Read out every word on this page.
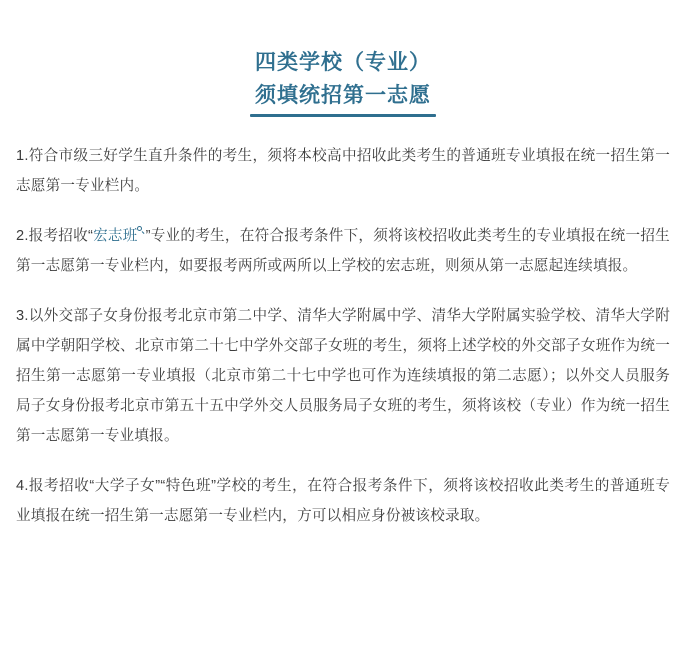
四类学校（专业）
须填统招第一志愿

1.符合市级三好学生直升条件的考生，须将本校高中招收此类考生的普通班专业填报在统一招生第一志愿第一专业栏内。

2.报考招收“宏志班 ”专业的考生，在符合报考条件下，须将该校招收此类考生的专业填报在统一招生第一志愿第一专业栏内，如要报考两所或两所以上学校的宏志班，则须从第一志愿起连续填报。

3.以外交部子女身份报考北京市第二中学、清华大学附属中学、清华大学附属实验学校、清华大学附属中学朝阳学校、北京市第二十七中学外交部子女班的考生，须将上述学校的外交部子女班作为统一招生第一志愿第一专业填报（北京市第二十七中学也可作为连续填报的第二志愿）；以外交人员服务局子女身份报考北京市第五十五中学外交人员服务局子女班的考生，须将该校（专业）作为统一招生第一志愿第一专业填报。

4.报考招收“大学子女”“特色班”学校的考生，在符合报考条件下，须将该校招收此类考生的普通班专业填报在统一招生第一志愿第一专业栏内，方可以相应身份被该校录取。
